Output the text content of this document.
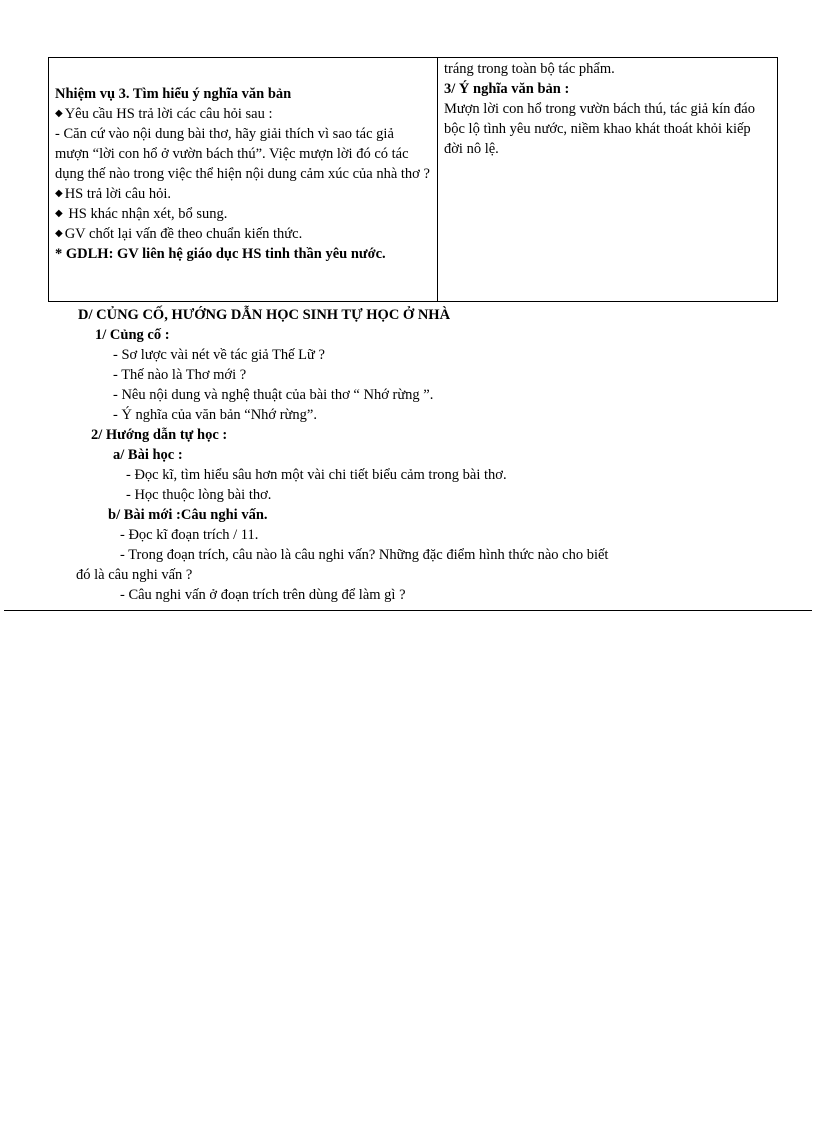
Nhiệm vụ 3. Tìm hiểu ý nghĩa văn bản

◆ Yêu cầu HS trả lời các câu hỏi sau :

- Căn cứ vào nội dung bài thơ, hãy giải thích vì sao tác giả mượn “lời con hổ ở vườn bách thú”. Việc mượn lời đó có tác dụng thế nào trong việc thể hiện nội dung cảm xúc của nhà thơ ?

◆ HS trả lời câu hỏi.

◆ HS khác nhận xét, bổ sung.

◆ GV chốt lại vấn đề theo chuẩn kiến thức.

* GDLH: GV liên hệ giáo dục HS tinh thần yêu nước.

tráng trong toàn bộ tác phẩm.

3/ Ý nghĩa văn bản :

Mượn lời con hổ trong vườn bách thú, tác giả kín đáo bộc lộ tình yêu nước, niềm khao khát thoát khỏi kiếp đời nô lệ.

D/ CỦNG CỐ, HƯỚNG DẪN HỌC SINH TỰ HỌC Ở NHÀ

1/ Củng cố :

- Sơ lược vài nét về tác giả Thế Lữ ?

- Thế nào là Thơ mới ?

- Nêu nội dung và nghệ thuật của bài thơ “ Nhớ rừng ”.

- Ý nghĩa của văn bản “Nhớ rừng”.

2/ Hướng dẫn tự học :

a/ Bài học :

- Đọc kĩ, tìm hiểu sâu hơn một vài chi tiết biểu cảm trong bài thơ.

- Học thuộc lòng bài thơ.

b/ Bài mới :Câu nghi vấn.

- Đọc kĩ đoạn trích / 11.

- Trong đoạn trích, câu nào là câu nghi vấn? Những đặc điểm hình thức nào cho biết

đó là câu nghi vấn ?

- Câu nghi vấn ở đoạn trích trên dùng để làm gì ?
